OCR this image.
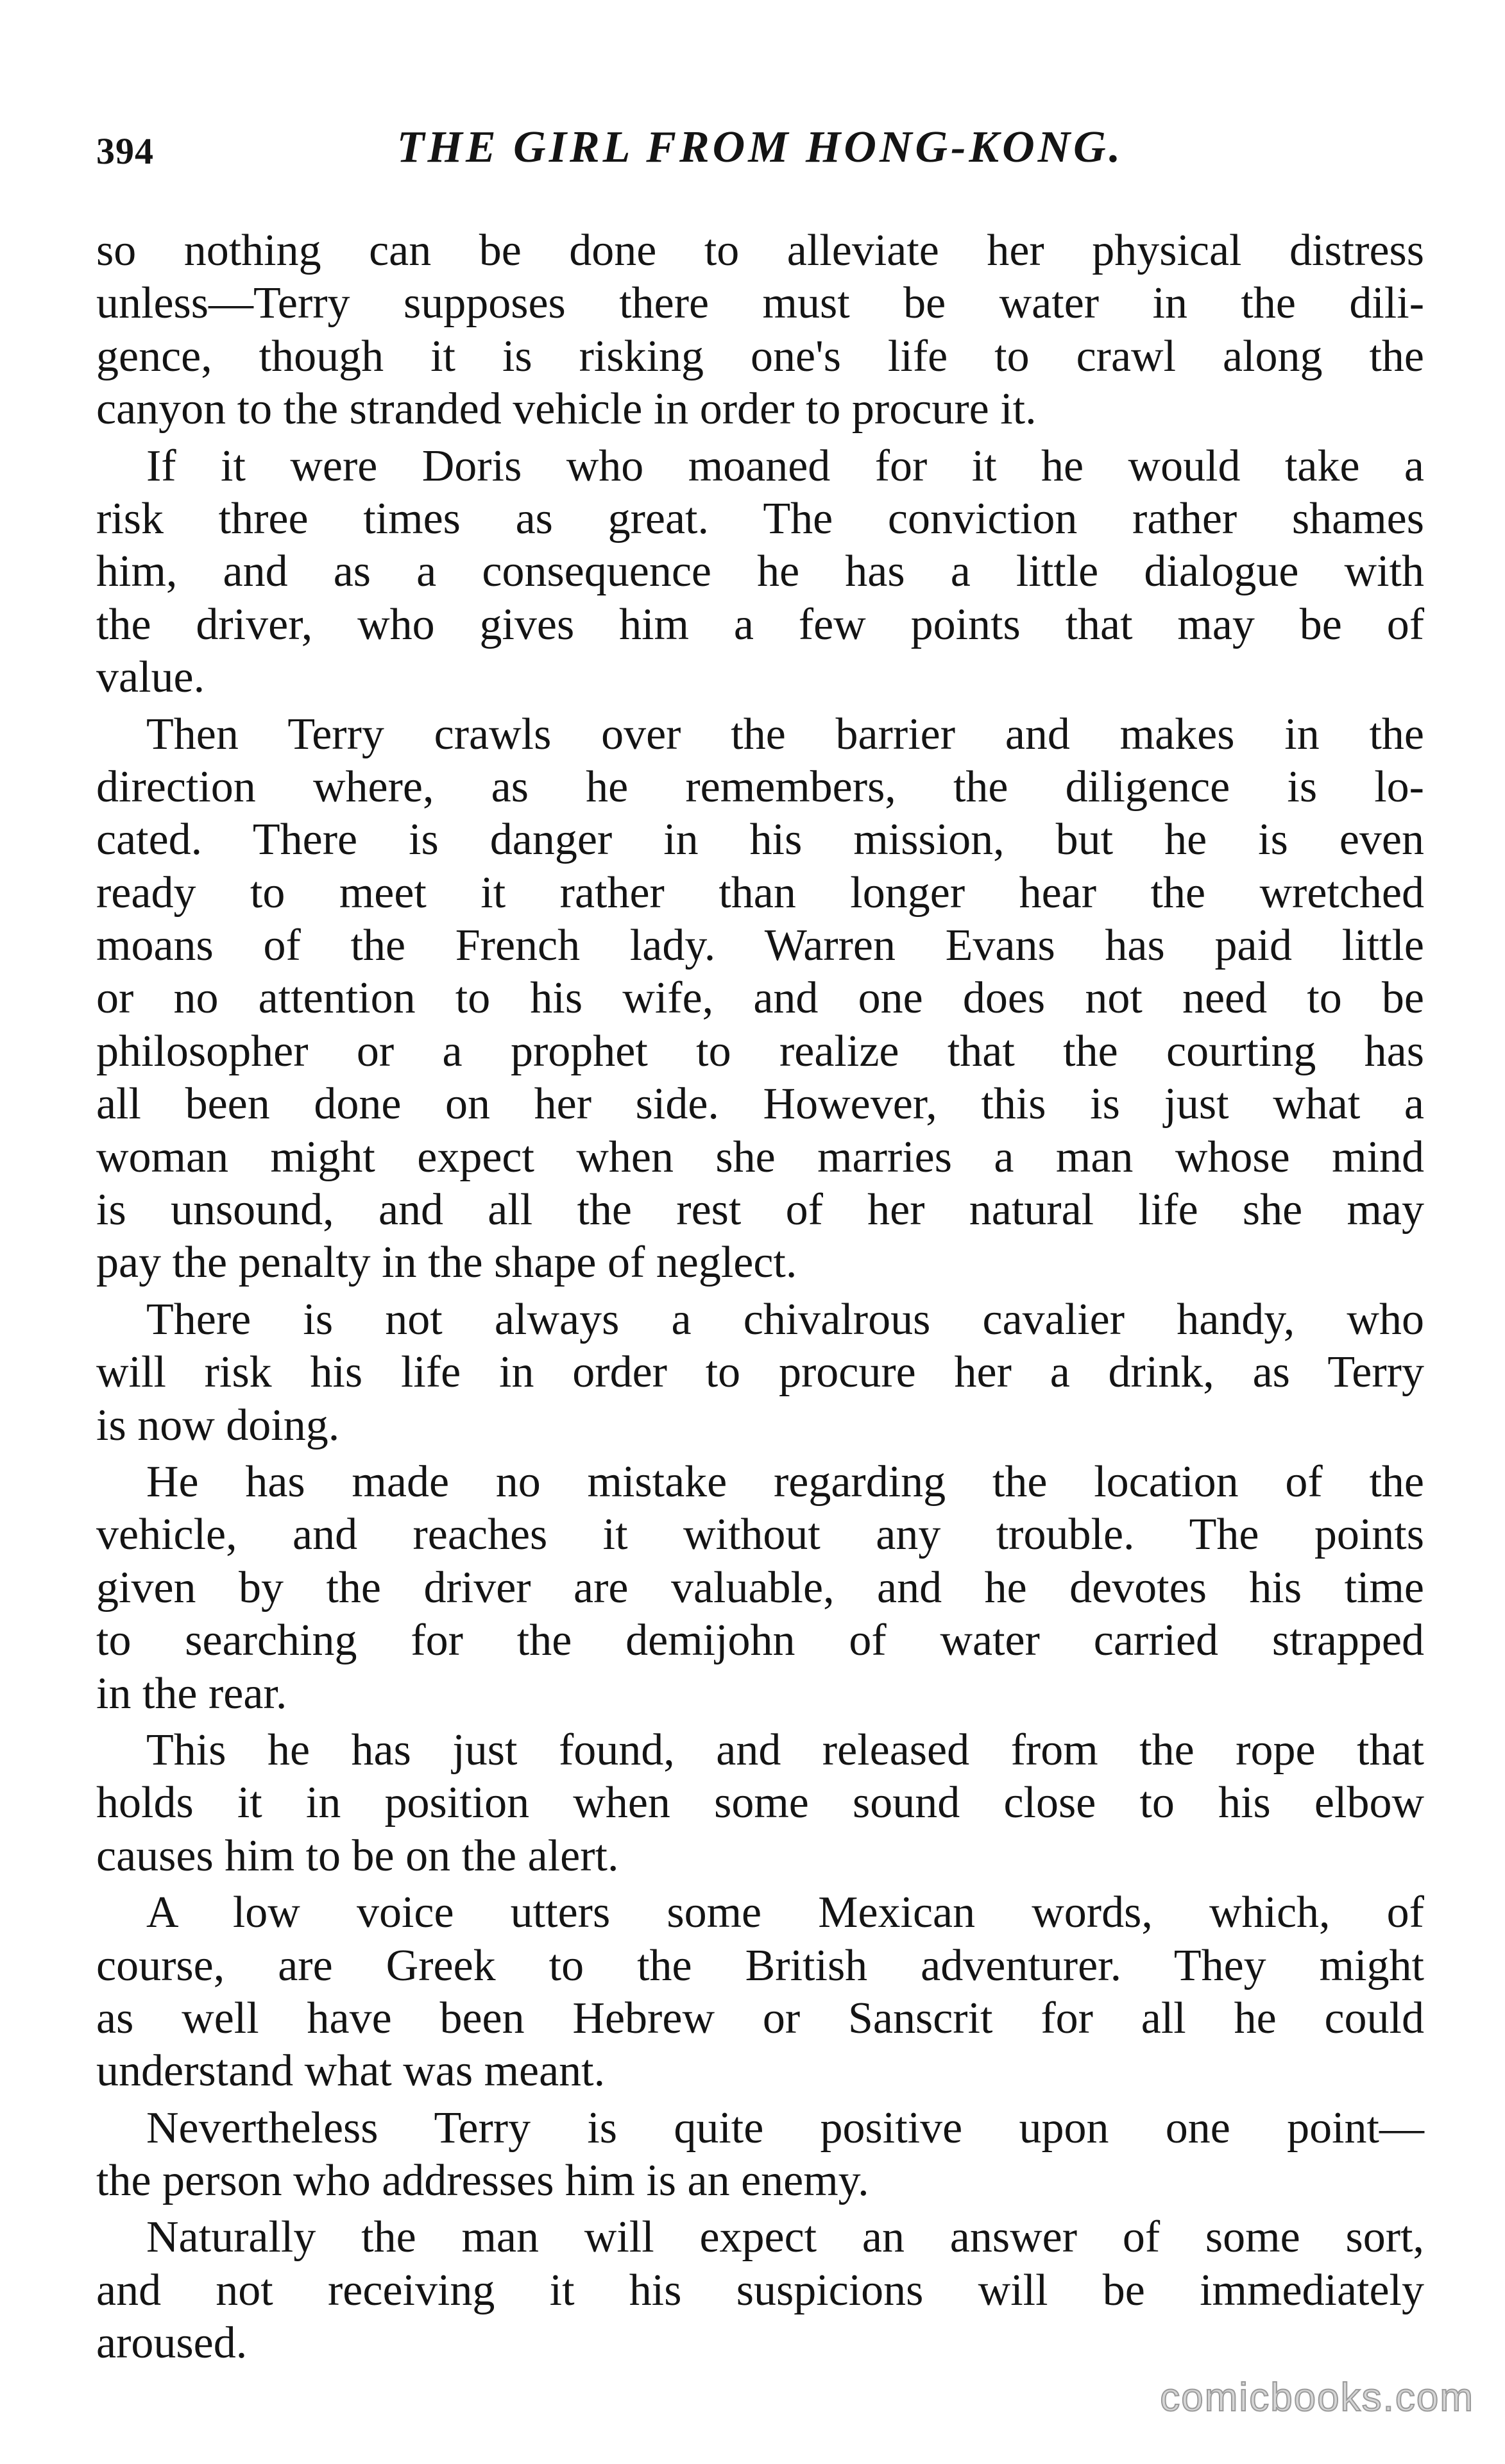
394	THE GIRL FROM HONG-KONG.
so nothing can be done to alleviate her physical distress
unless—Terry supposes there must be water in the dili-
gence, though it is risking one's life to crawl along the
canyon to the stranded vehicle in order to procure it.
If it were Doris who moaned for it he would take a
risk three times as great. The conviction rather shames
him, and as a consequence he has a little dialogue with
the driver, who gives him a few points that may be of
value.
Then Terry crawls over the barrier and makes in the
direction where, as he remembers, the diligence is lo-
cated. There is danger in his mission, but he is even
ready to meet it rather than longer hear the wretched
moans of the French lady. Warren Evans has paid little
or no attention to his wife, and one does not need to be
philosopher or a prophet to realize that the courting has
all been done on her side. However, this is just what a
woman might expect when she marries a man whose mind
is unsound, and all the rest of her natural life she may
pay the penalty in the shape of neglect.
There is not always a chivalrous cavalier handy, who
will risk his life in order to procure her a drink, as Terry
is now doing.
He has made no mistake regarding the location of the
vehicle, and reaches it without any trouble. The points
given by the driver are valuable, and he devotes his time
to searching for the demijohn of water carried strapped
in the rear.
This he has just found, and released from the rope that
holds it in position when some sound close to his elbow
causes him to be on the alert.
A low voice utters some Mexican words, which, of
course, are Greek to the British adventurer. They might
as well have been Hebrew or Sanscrit for all he could
understand what was meant.
Nevertheless Terry is quite positive upon one point—
the person who addresses him is an enemy.
Naturally the man will expect an answer of some sort,
and not receiving it his suspicions will be immediately
aroused.
comicbooks.com
